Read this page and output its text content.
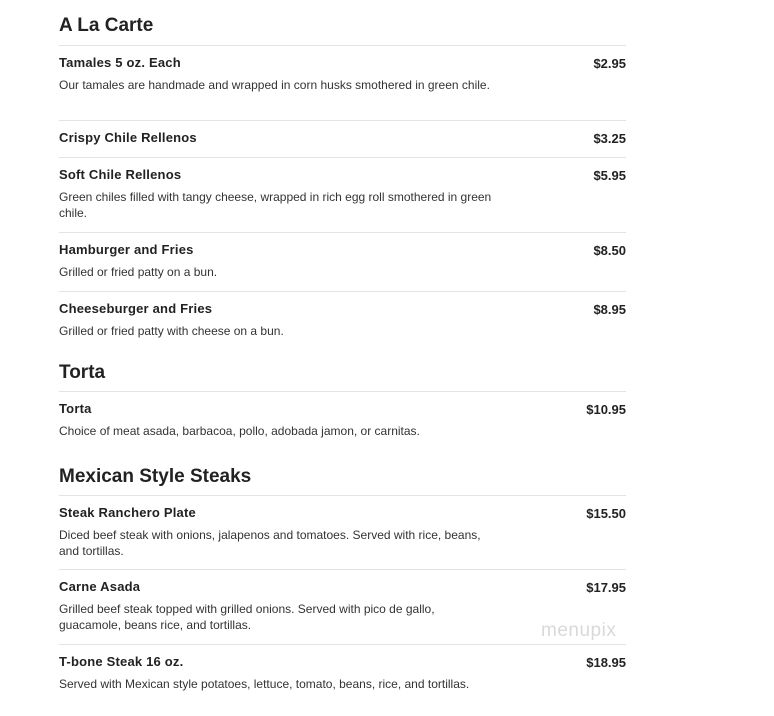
A La Carte
Tamales 5 oz. Each	$2.95
Our tamales are handmade and wrapped in corn husks smothered in green chile.
Crispy Chile Rellenos	$3.25
Soft Chile Rellenos	$5.95
Green chiles filled with tangy cheese, wrapped in rich egg roll smothered in green chile.
Hamburger and Fries	$8.50
Grilled or fried patty on a bun.
Cheeseburger and Fries	$8.95
Grilled or fried patty with cheese on a bun.
Torta
Torta	$10.95
Choice of meat asada, barbacoa, pollo, adobada jamon, or carnitas.
Mexican Style Steaks
Steak Ranchero Plate	$15.50
Diced beef steak with onions, jalapenos and tomatoes. Served with rice, beans, and tortillas.
Carne Asada	$17.95
Grilled beef steak topped with grilled onions. Served with pico de gallo, guacamole, beans rice, and tortillas.
T-bone Steak 16 oz.	$18.95
Served with Mexican style potatoes, lettuce, tomato, beans, rice, and tortillas.
menupix
